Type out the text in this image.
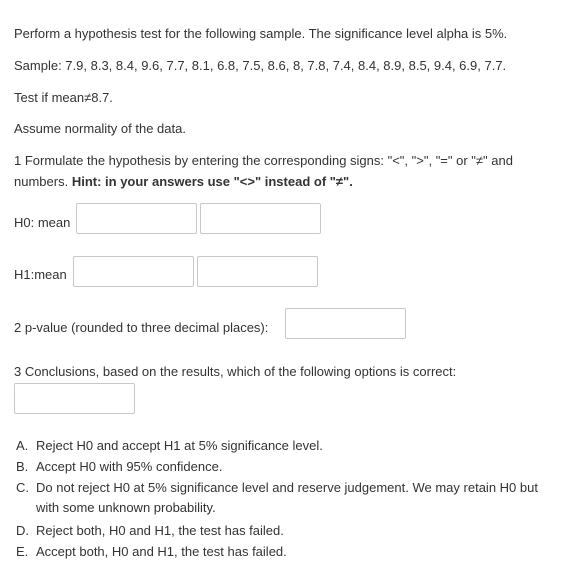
Perform a hypothesis test for the following sample. The significance level alpha is 5%.
Sample: 7.9, 8.3, 8.4, 9.6, 7.7, 8.1, 6.8, 7.5, 8.6, 8, 7.8, 7.4, 8.4, 8.9, 8.5, 9.4, 6.9, 7.7.
Test if mean≠8.7.
Assume normality of the data.
1 Formulate the hypothesis by entering the corresponding signs: "<", ">", "=" or "≠" and numbers. Hint: in your answers use "<>" instead of "≠".
H0: mean
H1:mean
2 p-value (rounded to three decimal places):
3 Conclusions, based on the results, which of the following options is correct:
A. Reject H0 and accept H1 at 5% significance level.
B. Accept H0 with 95% confidence.
C. Do not reject H0 at 5% significance level and reserve judgement. We may retain H0 but with some unknown probability.
D. Reject both, H0 and H1, the test has failed.
E. Accept both, H0 and H1, the test has failed.
